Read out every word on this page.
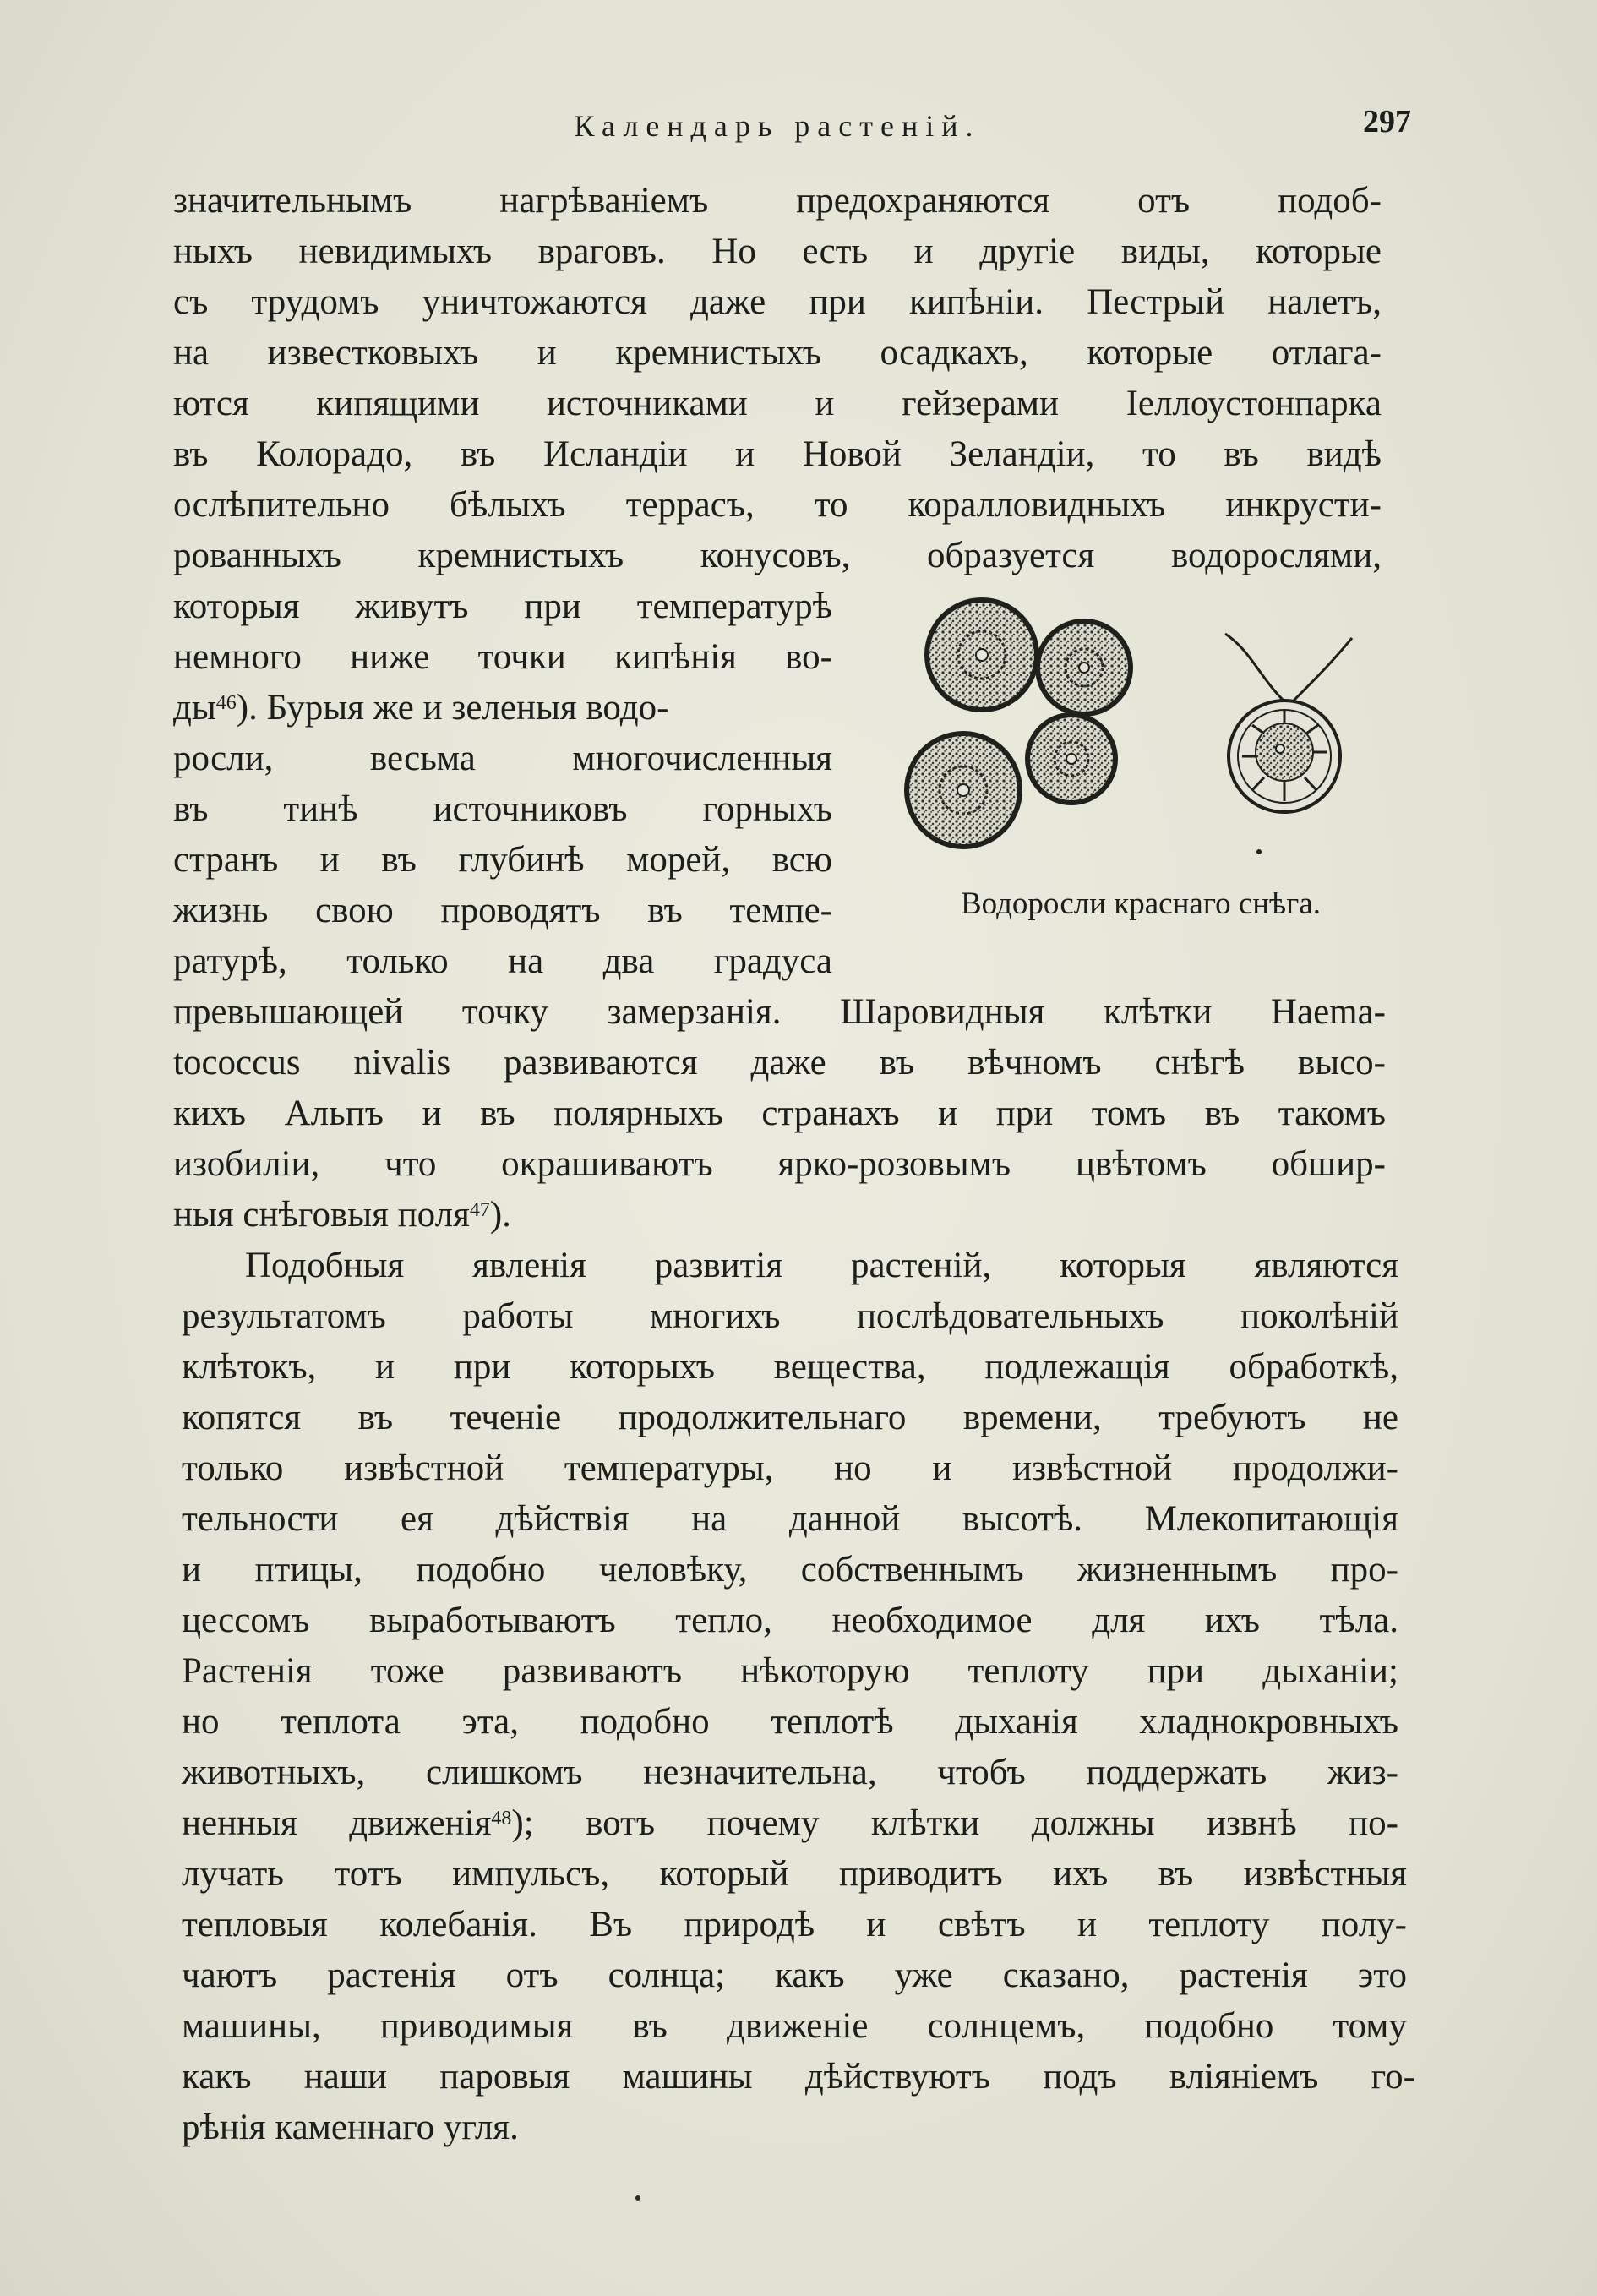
Календарь растеній.	297
значительнымъ нагрѣваніемъ предохраняются отъ подоб-
ныхъ невидимыхъ враговъ. Но есть и другіе виды, которые
съ трудомъ уничтожаются даже при кипѣніи. Пестрый налетъ,
на известковыхъ и кремнистыхъ осадкахъ, которые отлага-
ются кипящими источниками и гейзерами Іеллоустонпарка
въ Колорадо, въ Исландіи и Новой Зеландіи, то въ видѣ
ослѣпительно бѣлыхъ террасъ, то коралловидныхъ инкрусти-
рованныхъ кремнистыхъ конусовъ, образуется водорослями,
которыя живутъ при температурѣ
немного ниже точки кипѣнія во-
$ды^{46}$). Бурыя же и зеленыя водо-
росли, весьма многочисленныя
въ тинѣ источниковъ горныхъ
странъ и въ глубинѣ морей, всю
жизнь свою проводятъ въ темпе-
ратурѣ, только на два градуса
превышающей точку замерзанія. Шаровидныя клѣтки Haema-
tococcus nivalis развиваются даже въ вѣчномъ снѣгѣ высо-
кихъ Альпъ и въ полярныхъ странахъ и при томъ въ такомъ
изобиліи, что окрашиваютъ ярко-розовымъ цвѣтомъ обшир-
ныя снѣговыя поля$^{47}$).
Подобныя явленія развитія растеній, которыя являются
результатомъ работы многихъ послѣдовательныхъ поколѣній
клѣтокъ, и при которыхъ вещества, подлежащія обработкѣ,
копятся въ теченіе продолжительнаго времени, требуютъ не
только извѣстной температуры, но и извѣстной продолжи-
тельности ея дѣйствія на данной высотѣ. Млекопитающія
и птицы, подобно человѣку, собственнымъ жизненнымъ про-
цессомъ выработываютъ тепло, необходимое для ихъ тѣла.
Растенія тоже развиваютъ нѣкоторую теплоту при дыханіи;
но теплота эта, подобно теплотѣ дыханія хладнокровныхъ
животныхъ, слишкомъ незначительна, чтобъ поддержать жиз-
ненныя движенія$^{48}$); вотъ почему клѣтки должны извнѣ по-
лучать тотъ импульсъ, который приводитъ ихъ въ извѣстныя
тепловыя колебанія. Въ природѣ и свѣтъ и теплоту полу-
чаютъ растенія отъ солнца; какъ уже сказано, растенія это
машины, приводимыя въ движеніе солнцемъ, подобно тому
какъ наши паровыя машины дѣйствуютъ подъ вліяніемъ го-
рѣнія каменнаго угля.
Водоросли краснаго снѣга.
